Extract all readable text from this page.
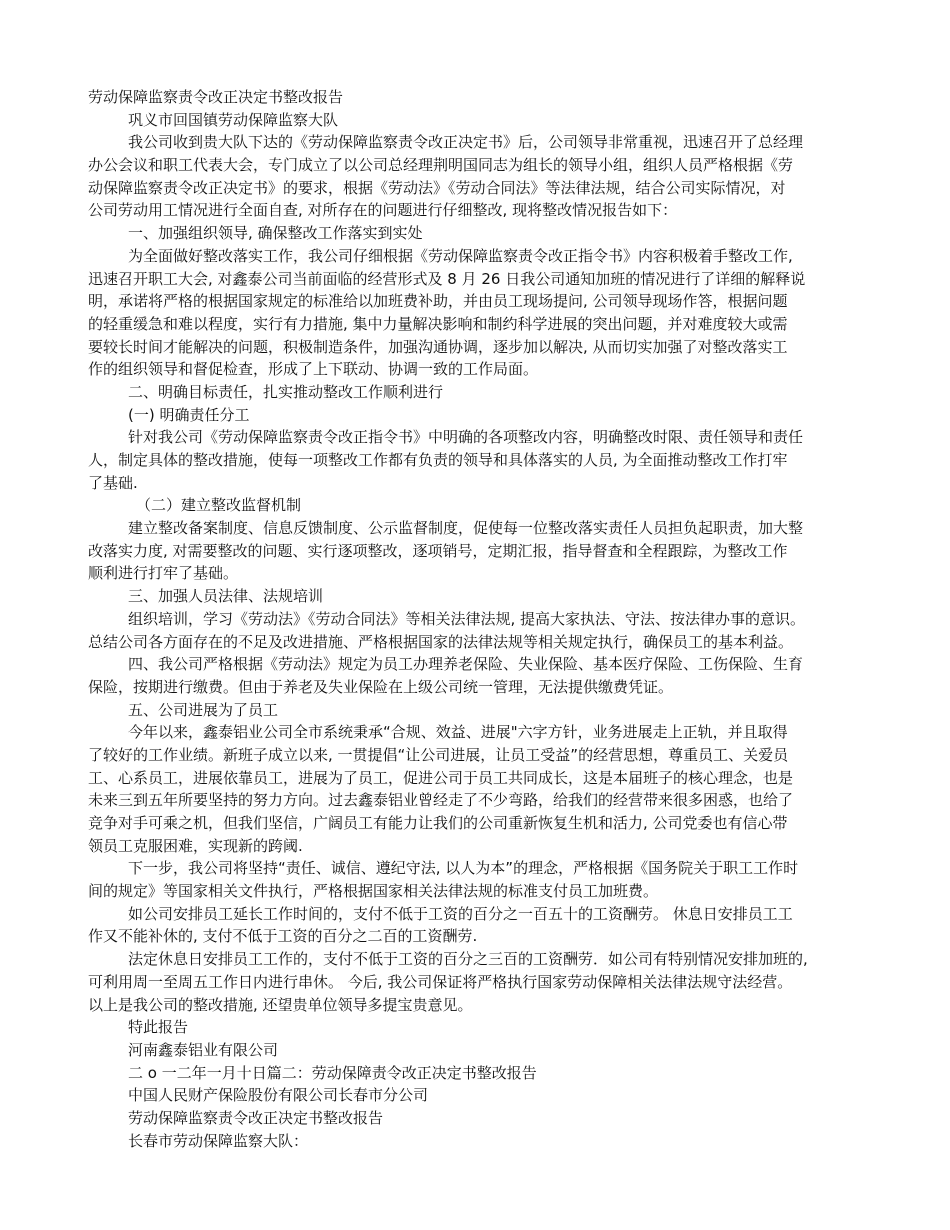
劳动保障监察责令改正决定书整改报告
巩义市回国镇劳动保障监察大队
我公司收到贵大队下达的《劳动保障监察责令改正决定书》后，公司领导非常重视，迅速召开了总经理
办公会议和职工代表大会，专门成立了以公司总经理荆明国同志为组长的领导小组，组织人员严格根据《劳
动保障监察责令改正决定书》的要求，根据《劳动法》《劳动合同法》等法律法规，结合公司实际情况，对
公司劳动用工情况进行全面自查, 对所存在的问题进行仔细整改, 现将整改情况报告如下：
一、加强组织领导, 确保整改工作落实到实处
为全面做好整改落实工作，我公司仔细根据《劳动保障监察责令改正指令书》内容积极着手整改工作,
迅速召开职工大会, 对鑫泰公司当前面临的经营形式及 8 月 26 日我公司通知加班的情况进行了详细的解释说
明，承诺将严格的根据国家规定的标准给以加班费补助，并由员工现场提问, 公司领导现场作答，根据问题
的轻重缓急和难以程度，实行有力措施, 集中力量解决影响和制约科学进展的突出问题，并对难度较大或需
要较长时间才能解决的问题，积极制造条件，加强沟通协调，逐步加以解决, 从而切实加强了对整改落实工
作的组织领导和督促检查，形成了上下联动、协调一致的工作局面。
二、明确目标责任，扎实推动整改工作顺利进行
(一) 明确责任分工
针对我公司《劳动保障监察责令改正指令书》中明确的各项整改内容，明确整改时限、责任领导和责任
人，制定具体的整改措施，使每一项整改工作都有负责的领导和具体落实的人员, 为全面推动整改工作打牢
了基础.
（二）建立整改监督机制
建立整改备案制度、信息反馈制度、公示监督制度，促使每一位整改落实责任人员担负起职责，加大整
改落实力度, 对需要整改的问题、实行逐项整改，逐项销号，定期汇报，指导督查和全程跟踪，为整改工作
顺利进行打牢了基础。
三、加强人员法律、法规培训
组织培训，学习《劳动法》《劳动合同法》等相关法律法规, 提高大家执法、守法、按法律办事的意识。
总结公司各方面存在的不足及改进措施、严格根据国家的法律法规等相关规定执行，确保员工的基本利益。
四、我公司严格根据《劳动法》规定为员工办理养老保险、失业保险、基本医疗保险、工伤保险、生育
保险，按期进行缴费。但由于养老及失业保险在上级公司统一管理，无法提供缴费凭证。
五、公司进展为了员工
今年以来，鑫泰铝业公司全市系统秉承“合规、效益、进展"六字方针，业务进展走上正轨，并且取得
了较好的工作业绩。新班子成立以来, 一贯提倡“让公司进展，让员工受益”的经营思想，尊重员工、关爱员
工、心系员工，进展依靠员工，进展为了员工，促进公司于员工共同成长，这是本届班子的核心理念，也是
未来三到五年所要坚持的努力方向。过去鑫泰铝业曾经走了不少弯路，给我们的经营带来很多困惑，也给了
竞争对手可乘之机，但我们坚信，广阔员工有能力让我们的公司重新恢复生机和活力, 公司党委也有信心带
领员工克服困难，实现新的跨阈.
下一步，我公司将坚持“责任、诚信、遵纪守法, 以人为本”的理念，严格根据《国务院关于职工工作时
间的规定》等国家相关文件执行，严格根据国家相关法律法规的标准支付员工加班费。
如公司安排员工延长工作时间的，支付不低于工资的百分之一百五十的工资酬劳。 休息日安排员工工
作又不能补休的, 支付不低于工资的百分之二百的工资酬劳.
法定休息日安排员工工作的，支付不低于工资的百分之三百的工资酬劳．如公司有特别情况安排加班的,
可利用周一至周五工作日内进行串休。 今后, 我公司保证将严格执行国家劳动保障相关法律法规守法经营。
以上是我公司的整改措施, 还望贵单位领导多提宝贵意见。
特此报告
河南鑫泰铝业有限公司
二 o 一二年一月十日篇二：劳动保障责令改正决定书整改报告
中国人民财产保险股份有限公司长春市分公司
劳动保障监察责令改正决定书整改报告
长春市劳动保障监察大队：
